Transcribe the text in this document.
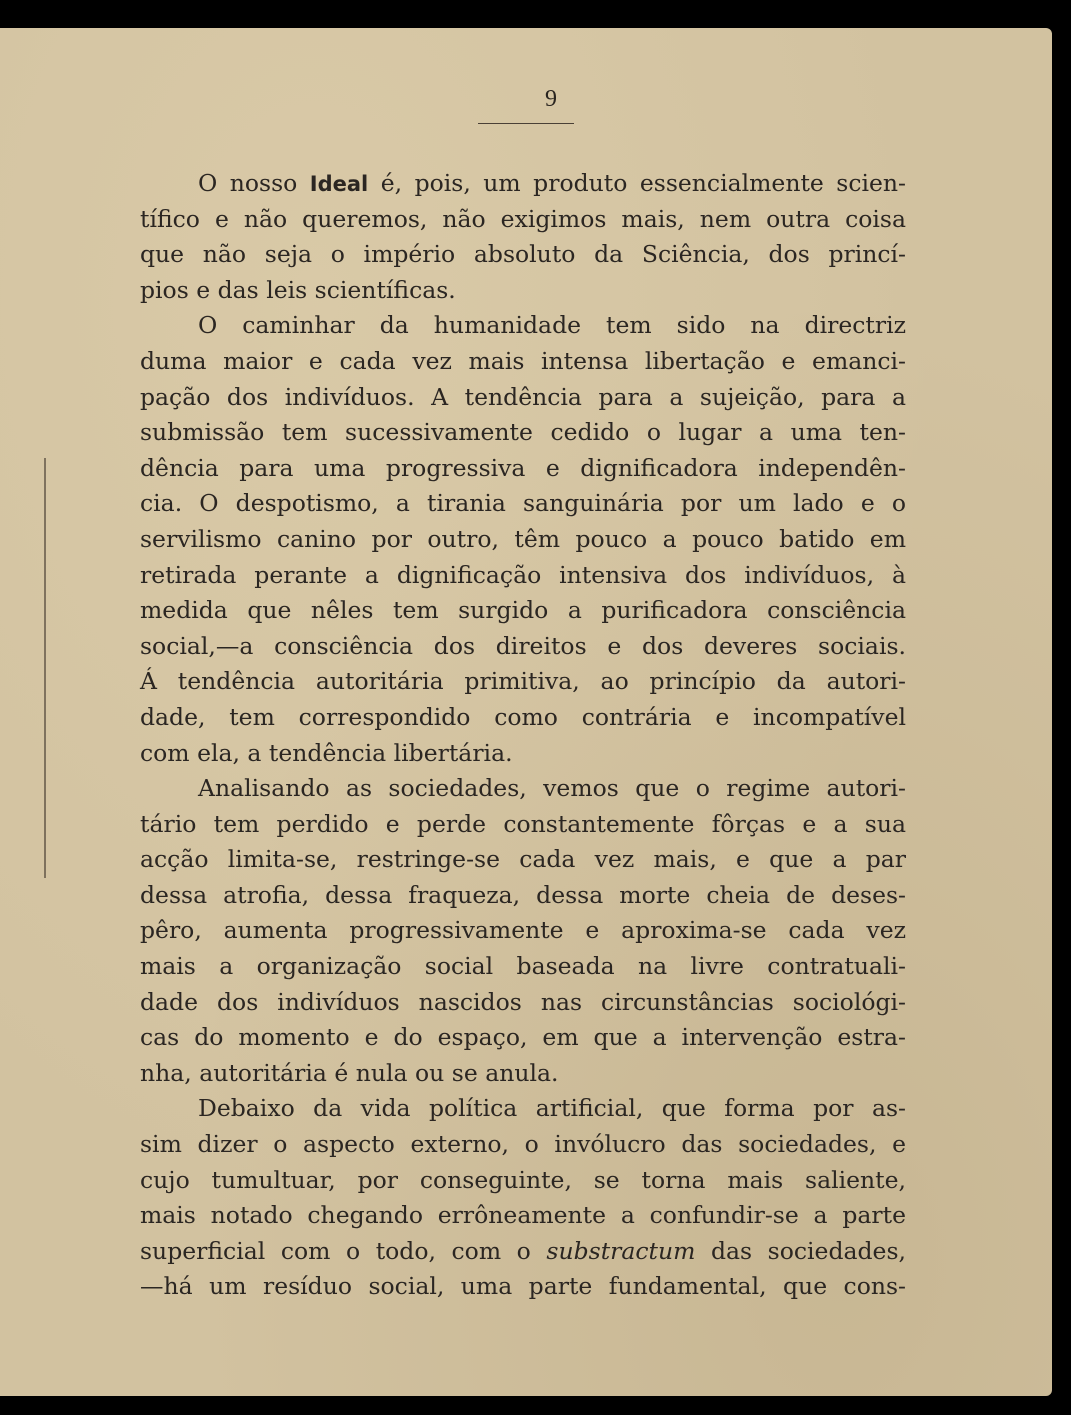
9

O nosso Ideal é, pois, um produto essencialmente scien-
tífico e não queremos, não exigimos mais, nem outra coisa
que não seja o império absoluto da Sciência, dos princí-
pios e das leis scientíficas.

O caminhar da humanidade tem sido na directriz
duma maior e cada vez mais intensa libertação e emanci-
pação dos indivíduos. A tendência para a sujeição, para a
submissão tem sucessivamente cedido o lugar a uma ten-
dência para uma progressiva e dignificadora independên-
cia. O despotismo, a tirania sanguinária por um lado e o
servilismo canino por outro, têm pouco a pouco batido em
retirada perante a dignificação intensiva dos indivíduos, à
medida que nêles tem surgido a purificadora consciência
social,—a consciência dos direitos e dos deveres sociais.
Á tendência autoritária primitiva, ao princípio da autori-
dade, tem correspondido como contrária e incompatível
com ela, a tendência libertária.

Analisando as sociedades, vemos que o regime autori-
tário tem perdido e perde constantemente fôrças e a sua
acção limita-se, restringe-se cada vez mais, e que a par
dessa atrofia, dessa fraqueza, dessa morte cheia de deses-
pêro, aumenta progressivamente e aproxima-se cada vez
mais a organização social baseada na livre contratuali-
dade dos indivíduos nascidos nas circunstâncias sociológi-
cas do momento e do espaço, em que a intervenção estra-
nha, autoritária é nula ou se anula.

Debaixo da vida política artificial, que forma por as-
sim dizer o aspecto externo, o invólucro das sociedades, e
cujo tumultuar, por conseguinte, se torna mais saliente,
mais notado chegando errôneamente a confundir-se a parte
superficial com o todo, com o substractum das sociedades,
—há um resíduo social, uma parte fundamental, que cons-
